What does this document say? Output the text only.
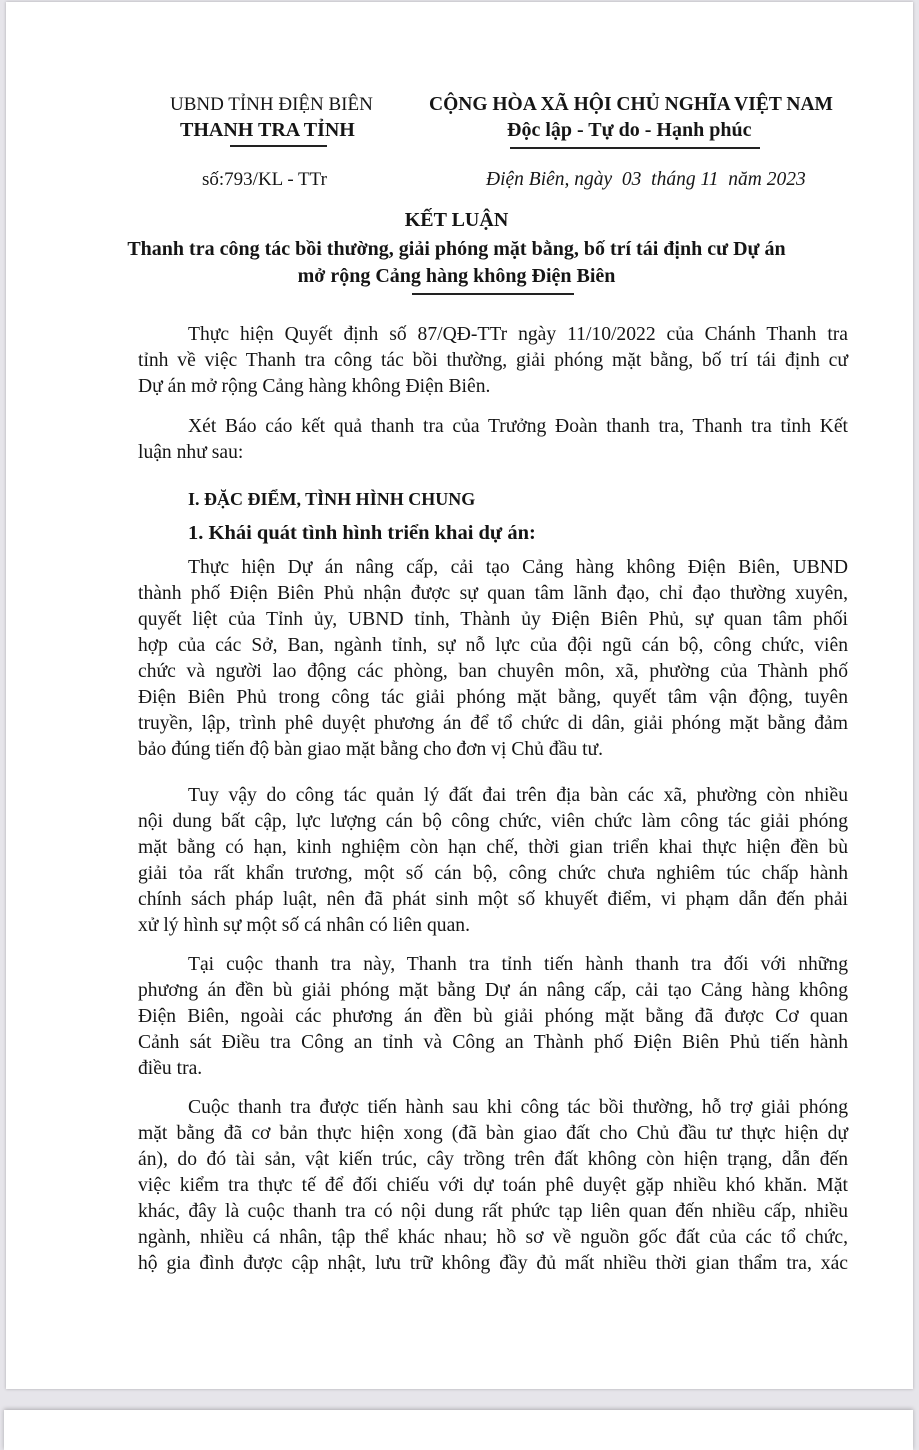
UBND TỈNH ĐIỆN BIÊN
THANH TRA TỈNH
CỘNG HÒA XÃ HỘI CHỦ NGHĨA VIỆT NAM
Độc lập - Tự do - Hạnh phúc
số:793/KL - TTr	Điện Biên, ngày  03  tháng 11  năm 2023
KẾT LUẬN
Thanh tra công tác bồi thường, giải phóng mặt bằng, bố trí tái định cư Dự án
mở rộng Cảng hàng không Điện Biên
Thực hiện Quyết định số 87/QĐ-TTr ngày 11/10/2022 của Chánh Thanh tra
tỉnh về việc Thanh tra công tác bồi thường, giải phóng mặt bằng, bố trí tái định cư
Dự án mở rộng Cảng hàng không Điện Biên.
Xét Báo cáo kết quả thanh tra của Trưởng Đoàn thanh tra, Thanh tra tỉnh Kết
luận như sau:
I. ĐẶC ĐIỂM, TÌNH HÌNH CHUNG
1. Khái quát tình hình triển khai dự án:
Thực hiện Dự án nâng cấp, cải tạo Cảng hàng không Điện Biên, UBND
thành phố Điện Biên Phủ nhận được sự quan tâm lãnh đạo, chỉ đạo thường xuyên,
quyết liệt của Tỉnh ủy, UBND tỉnh, Thành ủy Điện Biên Phủ, sự quan tâm phối
hợp của các Sở, Ban, ngành tỉnh, sự nỗ lực của đội ngũ cán bộ, công chức, viên
chức và người lao động các phòng, ban chuyên môn, xã, phường của Thành phố
Điện Biên Phủ trong công tác giải phóng mặt bằng, quyết tâm vận động, tuyên
truyền, lập, trình phê duyệt phương án để tổ chức di dân, giải phóng mặt bằng đảm
bảo đúng tiến độ bàn giao mặt bằng cho đơn vị Chủ đầu tư.
Tuy vậy do công tác quản lý đất đai trên địa bàn các xã, phường còn nhiều
nội dung bất cập, lực lượng cán bộ công chức, viên chức làm công tác giải phóng
mặt bằng có hạn, kinh nghiệm còn hạn chế, thời gian triển khai thực hiện đền bù
giải tỏa rất khẩn trương, một số cán bộ, công chức chưa nghiêm túc chấp hành
chính sách pháp luật, nên đã phát sinh một số khuyết điểm, vi phạm dẫn đến phải
xử lý hình sự một số cá nhân có liên quan.
Tại cuộc thanh tra này, Thanh tra tỉnh tiến hành thanh tra đối với những
phương án đền bù giải phóng mặt bằng Dự án nâng cấp, cải tạo Cảng hàng không
Điện Biên, ngoài các phương án đền bù giải phóng mặt bằng đã được Cơ quan
Cảnh sát Điều tra Công an tỉnh và Công an Thành phố Điện Biên Phủ tiến hành
điều tra.
Cuộc thanh tra được tiến hành sau khi công tác bồi thường, hỗ trợ giải phóng
mặt bằng đã cơ bản thực hiện xong (đã bàn giao đất cho Chủ đầu tư thực hiện dự
án), do đó tài sản, vật kiến trúc, cây trồng trên đất không còn hiện trạng, dẫn đến
việc kiểm tra thực tế để đối chiếu với dự toán phê duyệt gặp nhiều khó khăn. Mặt
khác, đây là cuộc thanh tra có nội dung rất phức tạp liên quan đến nhiều cấp, nhiều
ngành, nhiều cá nhân, tập thể khác nhau; hồ sơ về nguồn gốc đất của các tổ chức,
hộ gia đình được cập nhật, lưu trữ không đầy đủ mất nhiều thời gian thẩm tra, xác
